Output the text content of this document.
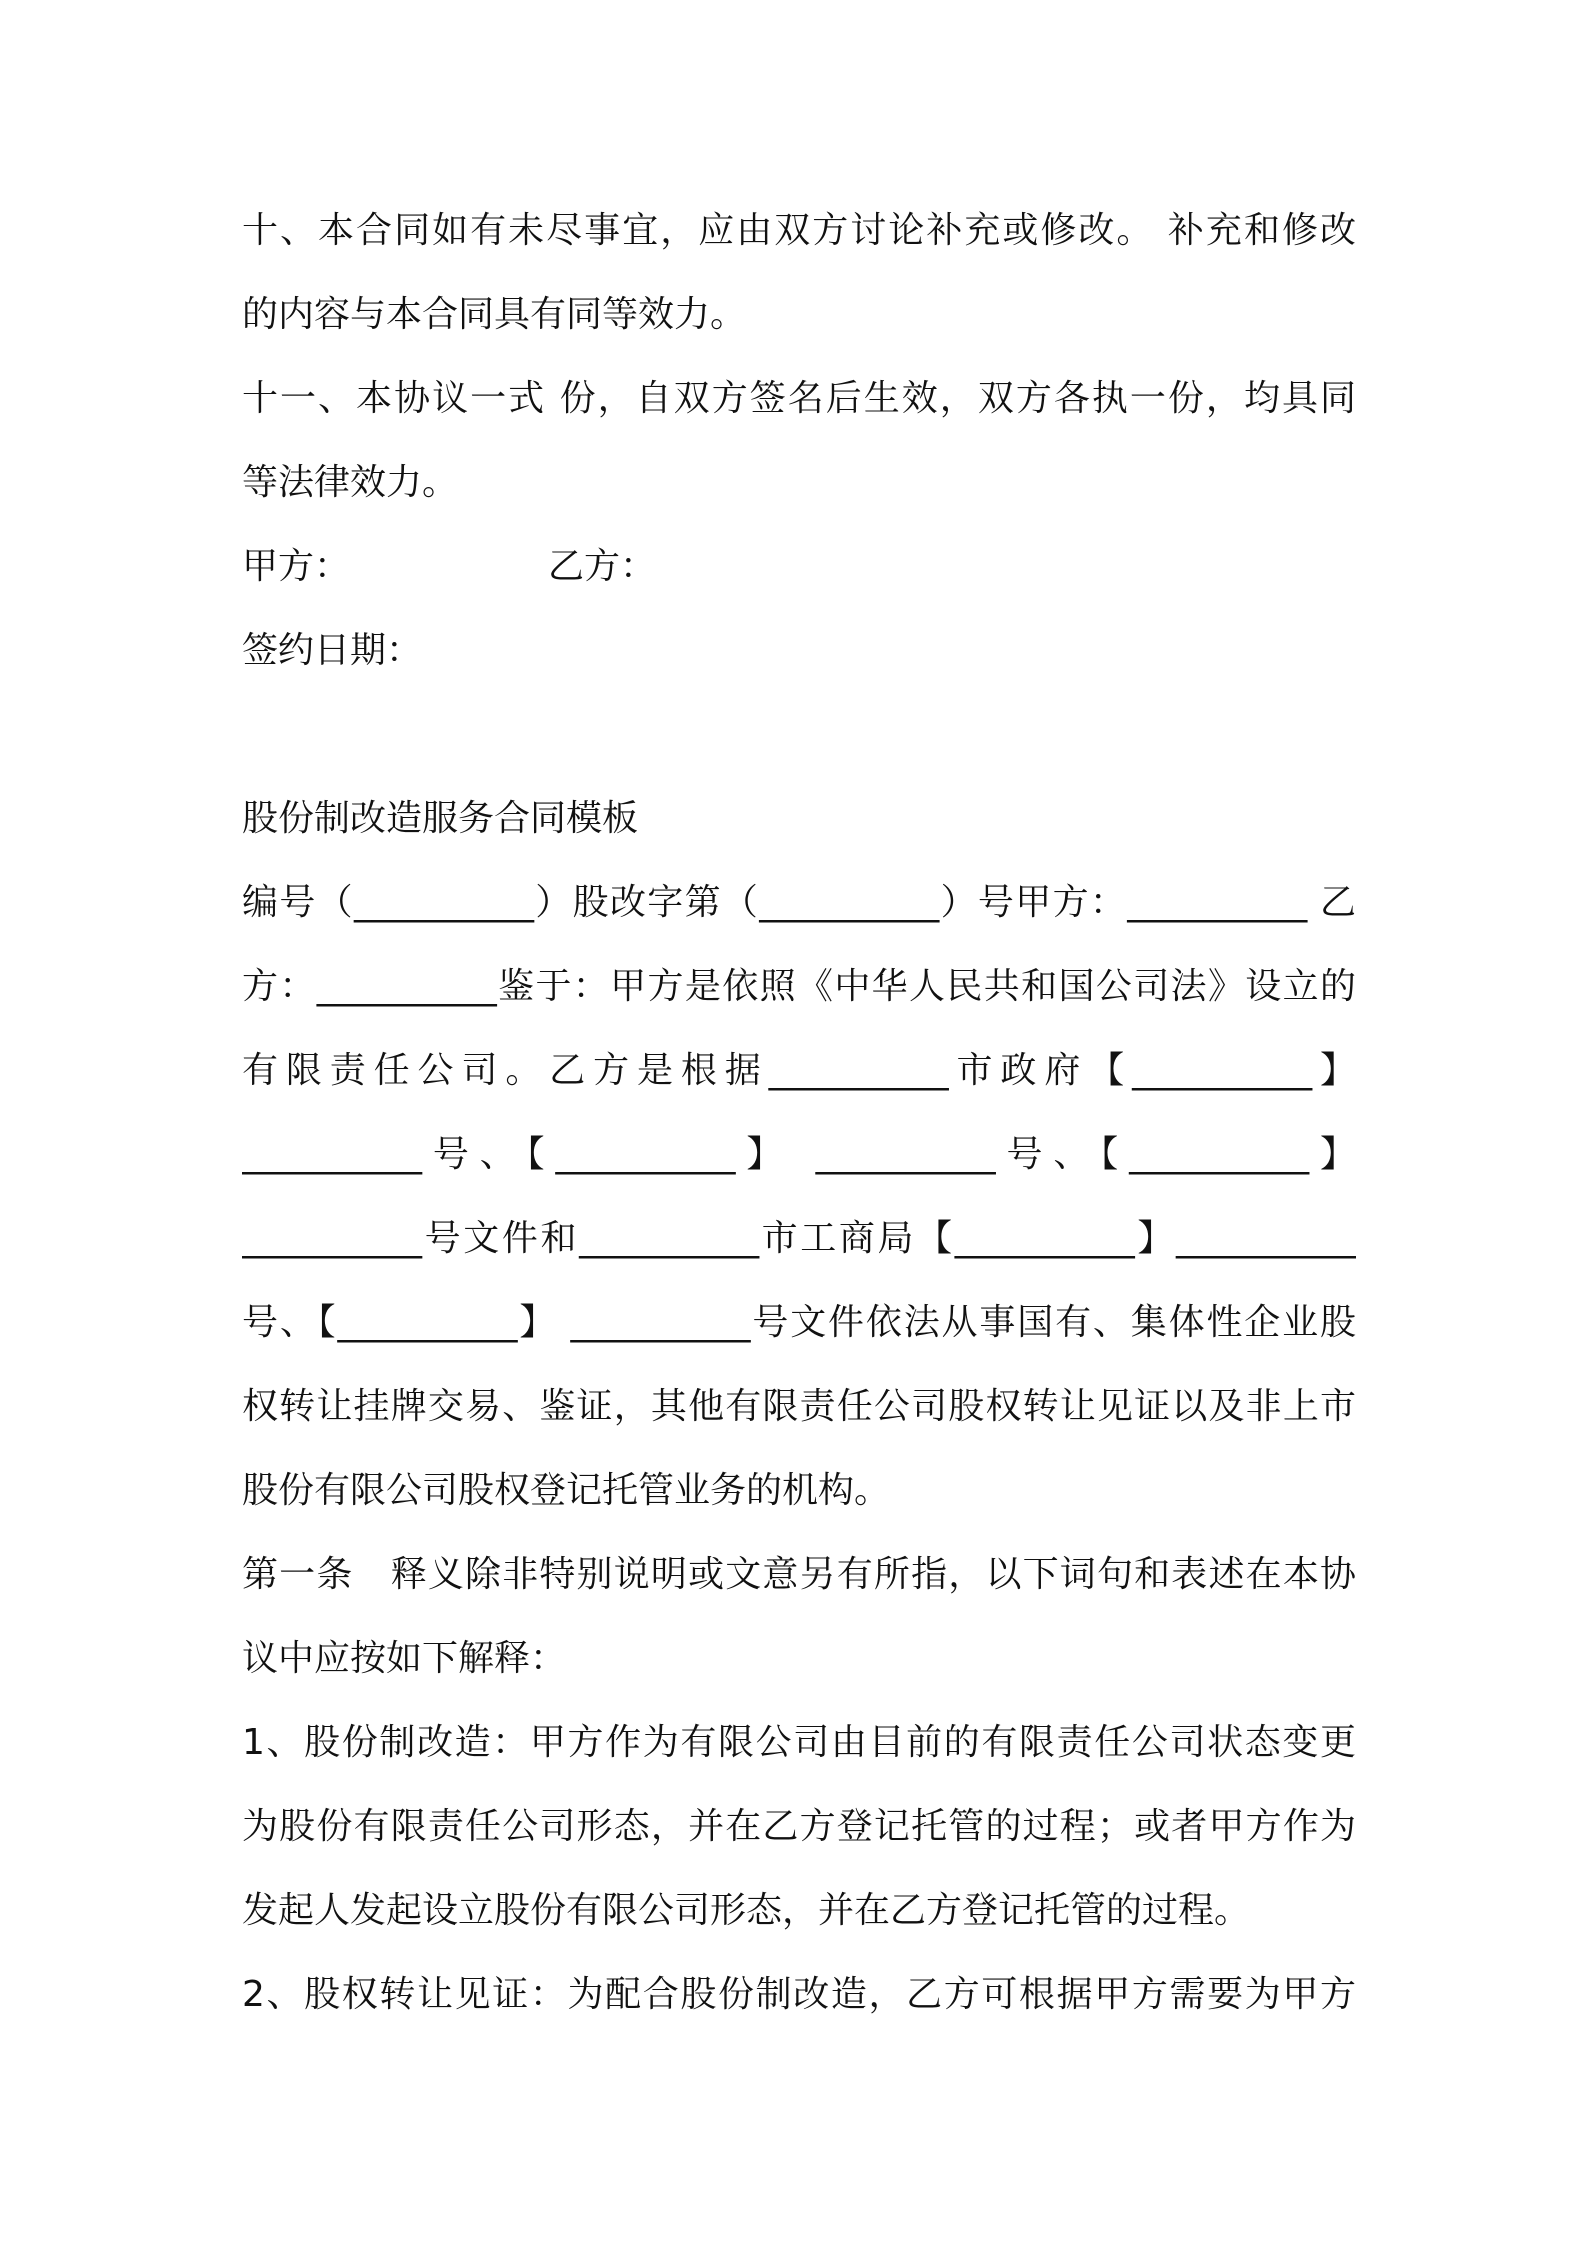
十、本合同如有未尽事宜，应由双方讨论补充或修改。 补充和修改
的内容与本合同具有同等效力。
十一、本协议一式 份，自双方签名后生效，双方各执一份，均具同
等法律效力。
甲方：	乙方：
签约日期：
股份制改造服务合同模板
编号（__________）股改字第（__________）号甲方：__________ 乙
方：__________鉴于：甲方是依照《中华人民共和国公司法》设立的
有限责任公司。乙方是根据__________市政府【__________】
__________号、【__________】 __________号、【__________】
__________号文件和__________市工商局【__________】__________
号、【__________】 __________号文件依法从事国有、集体性企业股
权转让挂牌交易、鉴证，其他有限责任公司股权转让见证以及非上市
股份有限公司股权登记托管业务的机构。
第一条　释义除非特别说明或文意另有所指，以下词句和表述在本协
议中应按如下解释：
1、股份制改造：甲方作为有限公司由目前的有限责任公司状态变更
为股份有限责任公司形态，并在乙方登记托管的过程；或者甲方作为
发起人发起设立股份有限公司形态，并在乙方登记托管的过程。
2、股权转让见证：为配合股份制改造，乙方可根据甲方需要为甲方
